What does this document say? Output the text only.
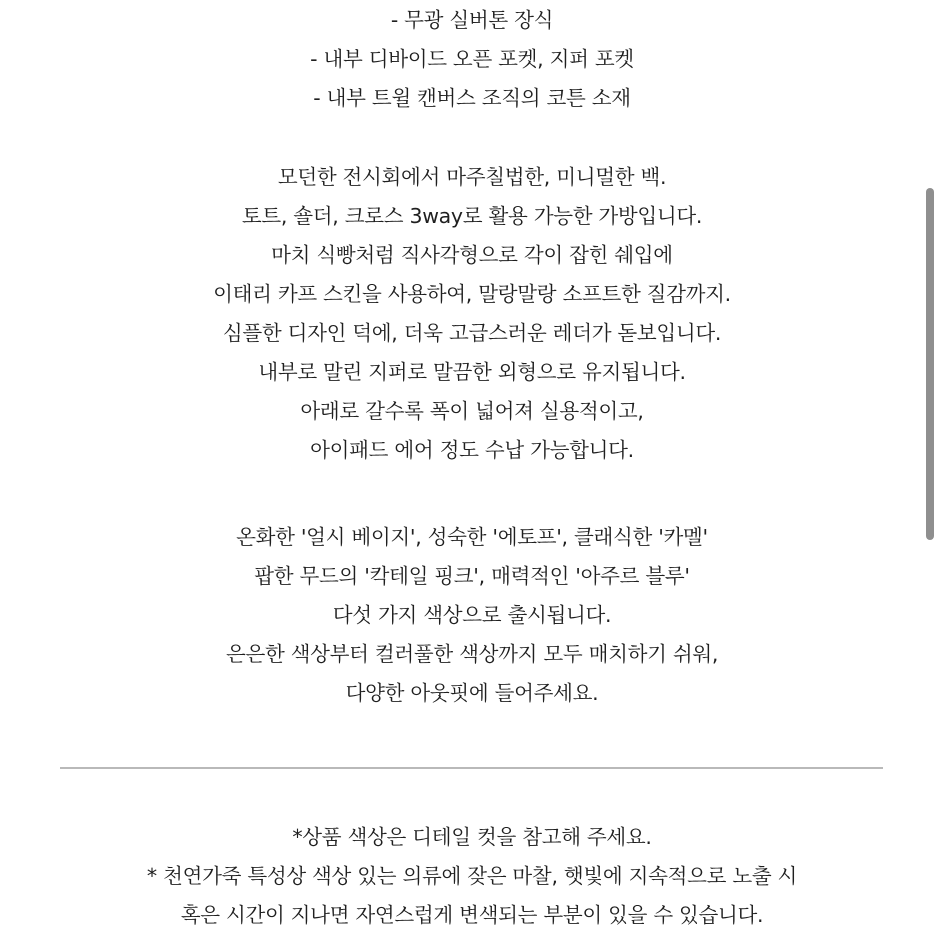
- 무광 실버톤 장식
- 내부 디바이드 오픈 포켓, 지퍼 포켓
- 내부 트윌 캔버스 조직의 코튼 소재
모던한 전시회에서 마주칠법한, 미니멀한 백.
토트, 숄더, 크로스 3way로 활용 가능한 가방입니다.
마치 식빵처럼 직사각형으로 각이 잡힌 쉐입에
이태리 카프 스킨을 사용하여, 말랑말랑 소프트한 질감까지.
심플한 디자인 덕에, 더욱 고급스러운 레더가 돋보입니다.
내부로 말린 지퍼로 말끔한 외형으로 유지됩니다.
아래로 갈수록 폭이 넓어져 실용적이고,
아이패드 에어 정도 수납 가능합니다.
온화한 '얼시 베이지', 성숙한 '에토프', 클래식한 '카멜'
팝한 무드의 '칵테일 핑크', 매력적인 '아주르 블루'
다섯 가지 색상으로 출시됩니다.
은은한 색상부터 컬러풀한 색상까지 모두 매치하기 쉬워,
다양한 아웃핏에 들어주세요.
*상품 색상은 디테일 컷을 참고해 주세요.
* 천연가죽 특성상 색상 있는 의류에 잦은 마찰, 햇빛에 지속적으로 노출 시
혹은 시간이 지나면 자연스럽게 변색되는 부분이 있을 수 있습니다.
